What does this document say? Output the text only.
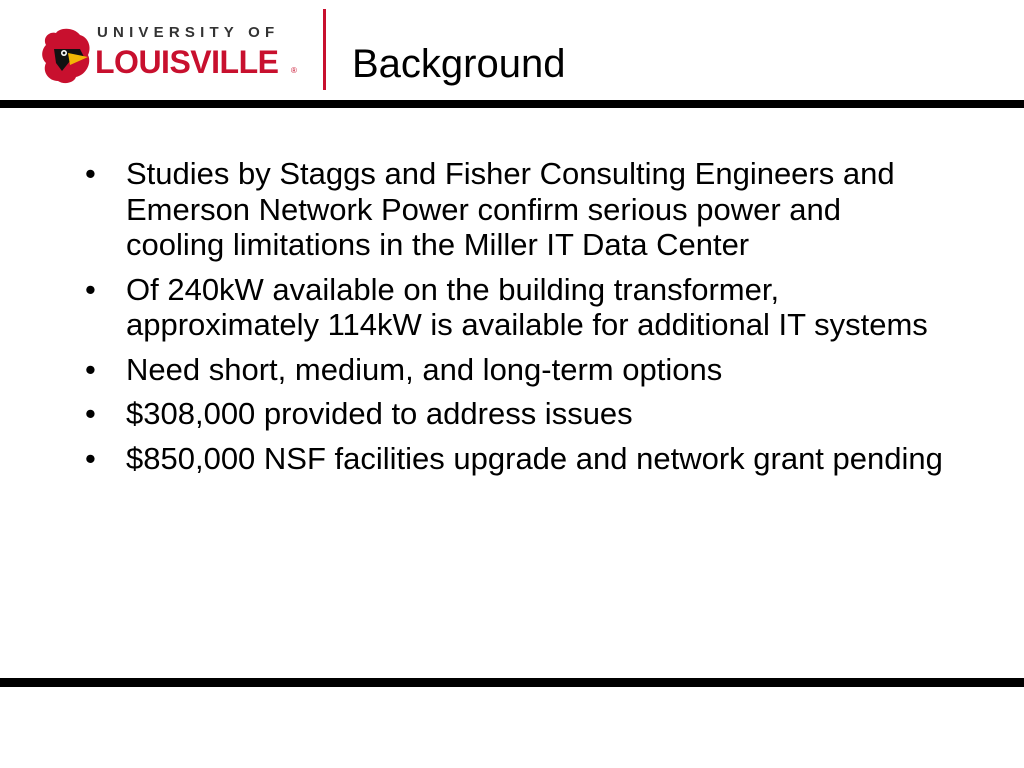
UNIVERSITY OF
LOUISVILLE ® Background
• Studies by Staggs and Fisher Consulting Engineers and Emerson Network Power confirm serious power and cooling limitations in the Miller IT Data Center
• Of 240kW available on the building transformer, approximately 114kW is available for additional IT systems
• Need short, medium, and long-term options
• $308,000 provided to address issues
• $850,000 NSF facilities upgrade and network grant pending
